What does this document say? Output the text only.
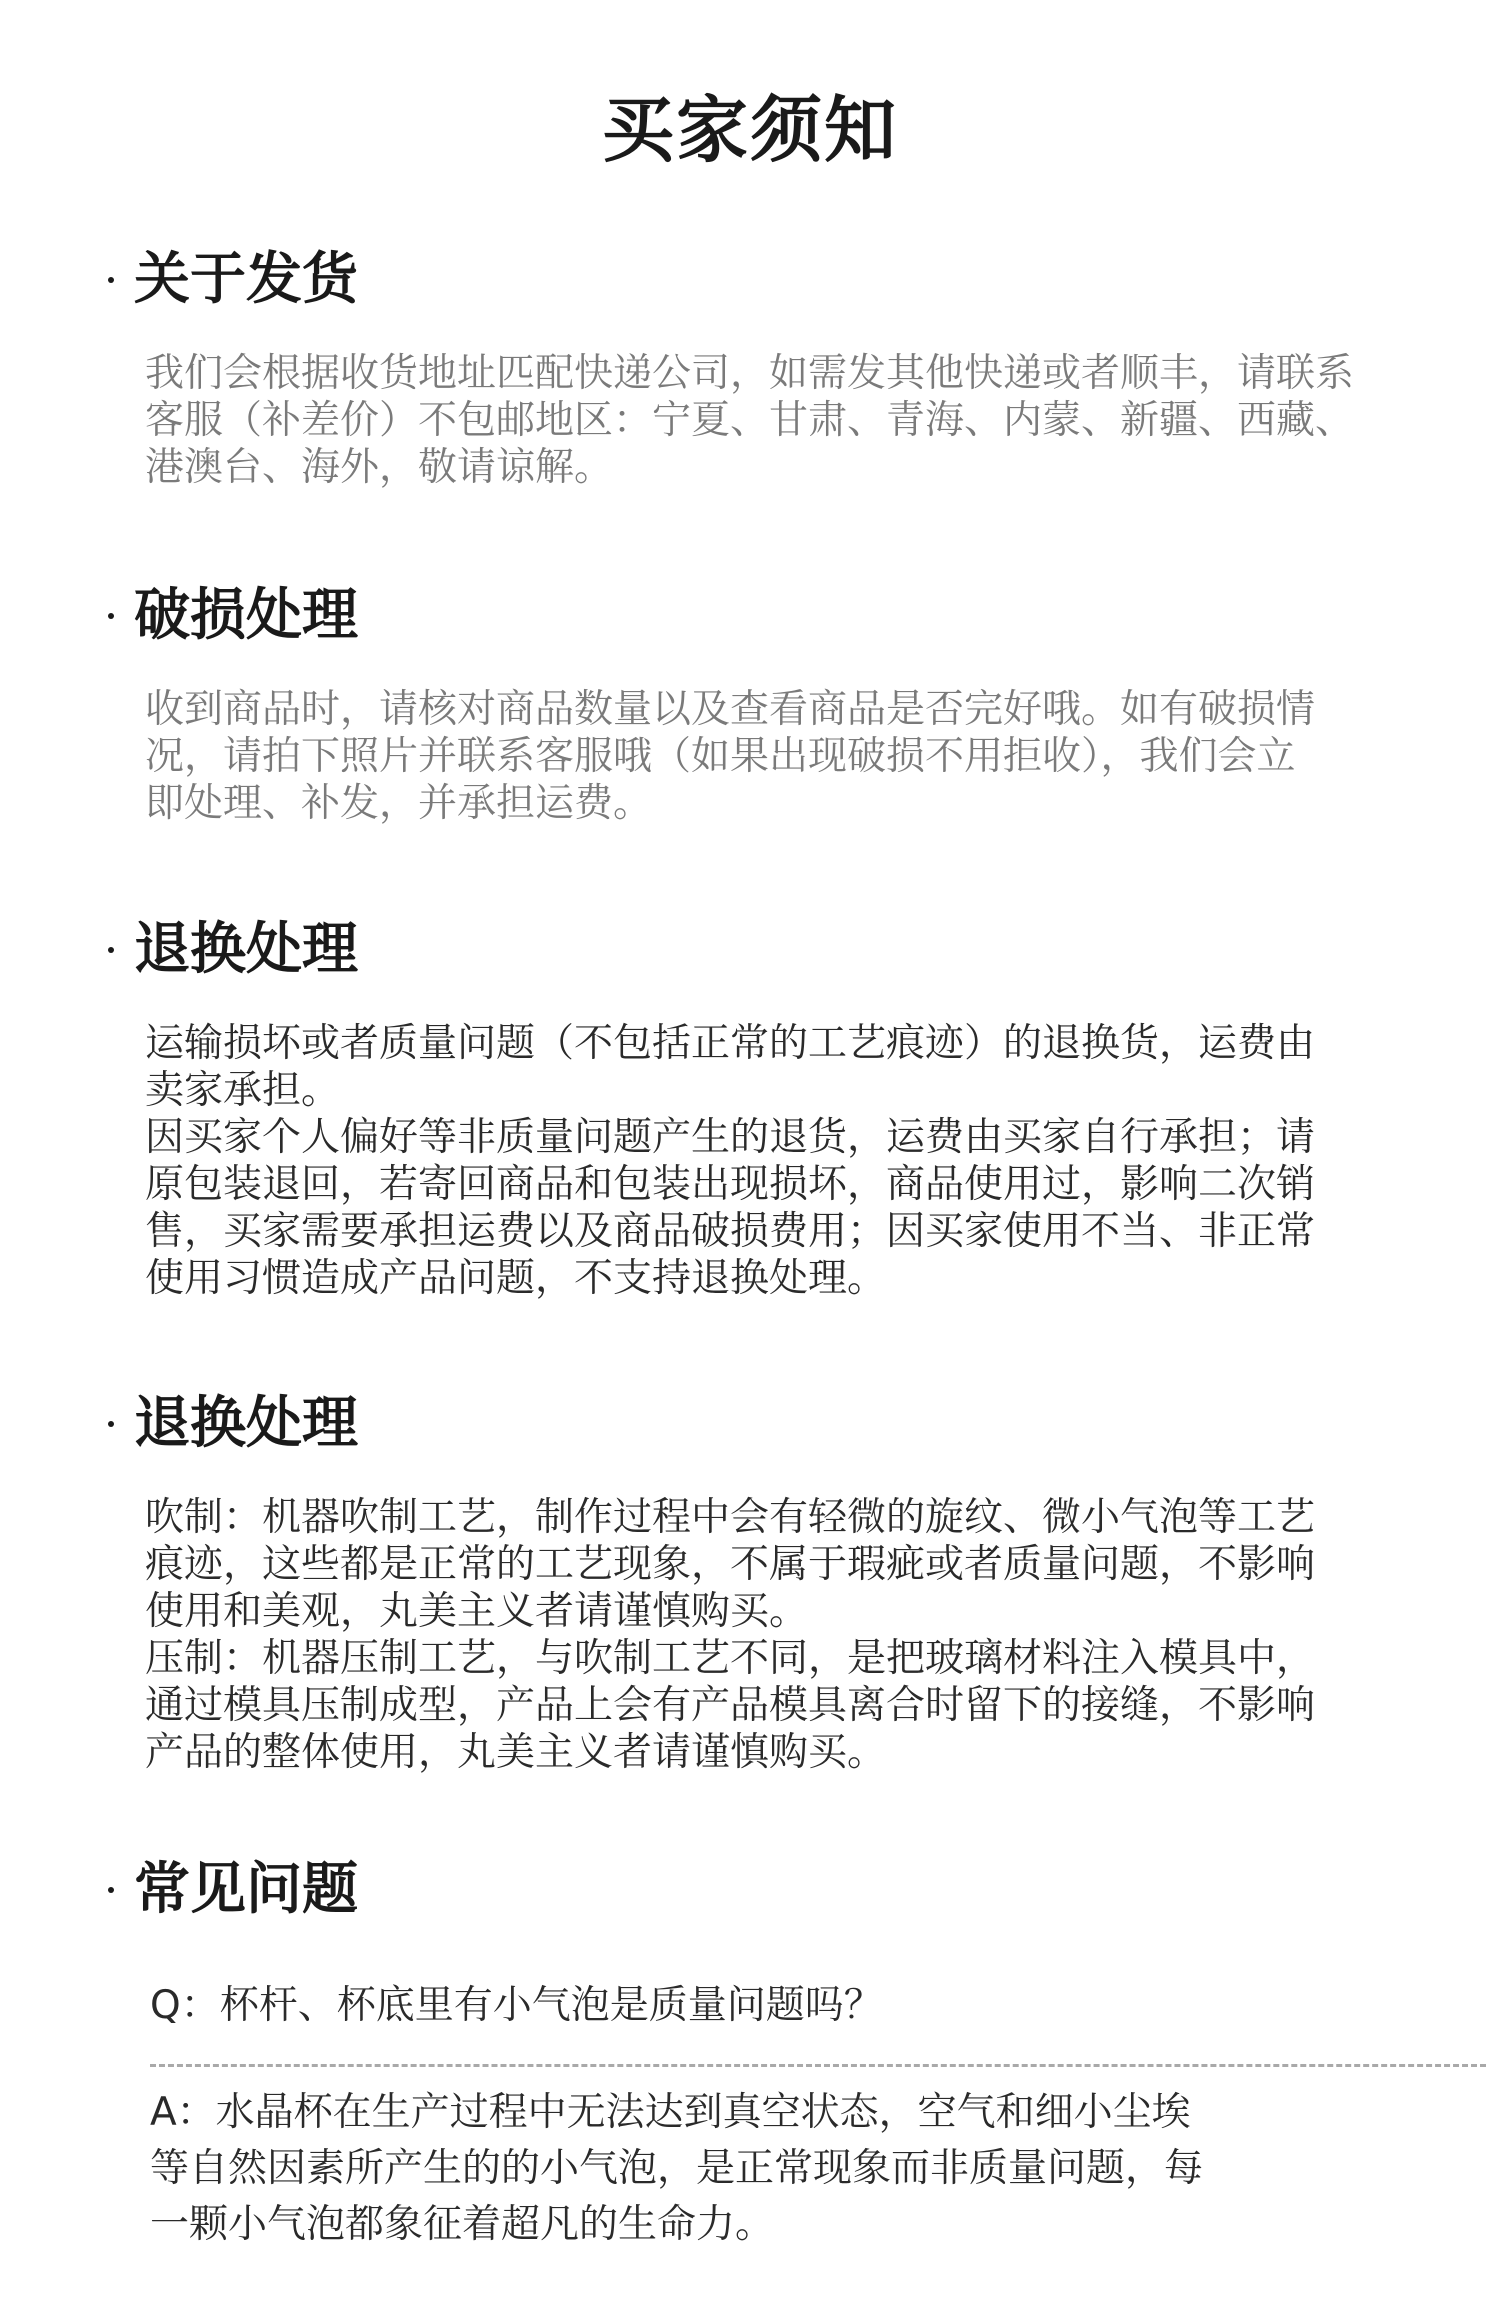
买家须知
关于发货

我们会根据收货地址匹配快递公司，如需发其他快递或者顺丰，请联系
客服（补差价）不包邮地区：宁夏、甘肃、青海、内蒙、新疆、西藏、
港澳台、海外，敬请谅解。

破损处理

收到商品时，请核对商品数量以及查看商品是否完好哦。如有破损情
况，请拍下照片并联系客服哦（如果出现破损不用拒收），我们会立
即处理、补发，并承担运费。

退换处理

运输损坏或者质量问题（不包括正常的工艺痕迹）的退换货，运费由
卖家承担。
因买家个人偏好等非质量问题产生的退货，运费由买家自行承担；请
原包装退回，若寄回商品和包装出现损坏，商品使用过，影响二次销
售，买家需要承担运费以及商品破损费用；因买家使用不当、非正常
使用习惯造成产品问题，不支持退换处理。

退换处理

吹制：机器吹制工艺，制作过程中会有轻微的旋纹、微小气泡等工艺
痕迹，这些都是正常的工艺现象，不属于瑕疵或者质量问题，不影响
使用和美观，丸美主义者请谨慎购买。
压制：机器压制工艺，与吹制工艺不同，是把玻璃材料注入模具中，
通过模具压制成型，产品上会有产品模具离合时留下的接缝，不影响
产品的整体使用，丸美主义者请谨慎购买。

常见问题

Q：杯杆、杯底里有小气泡是质量问题吗？

A：水晶杯在生产过程中无法达到真空状态，空气和细小尘埃
等自然因素所产生的的小气泡，是正常现象而非质量问题，每
一颗小气泡都象征着超凡的生命力。
